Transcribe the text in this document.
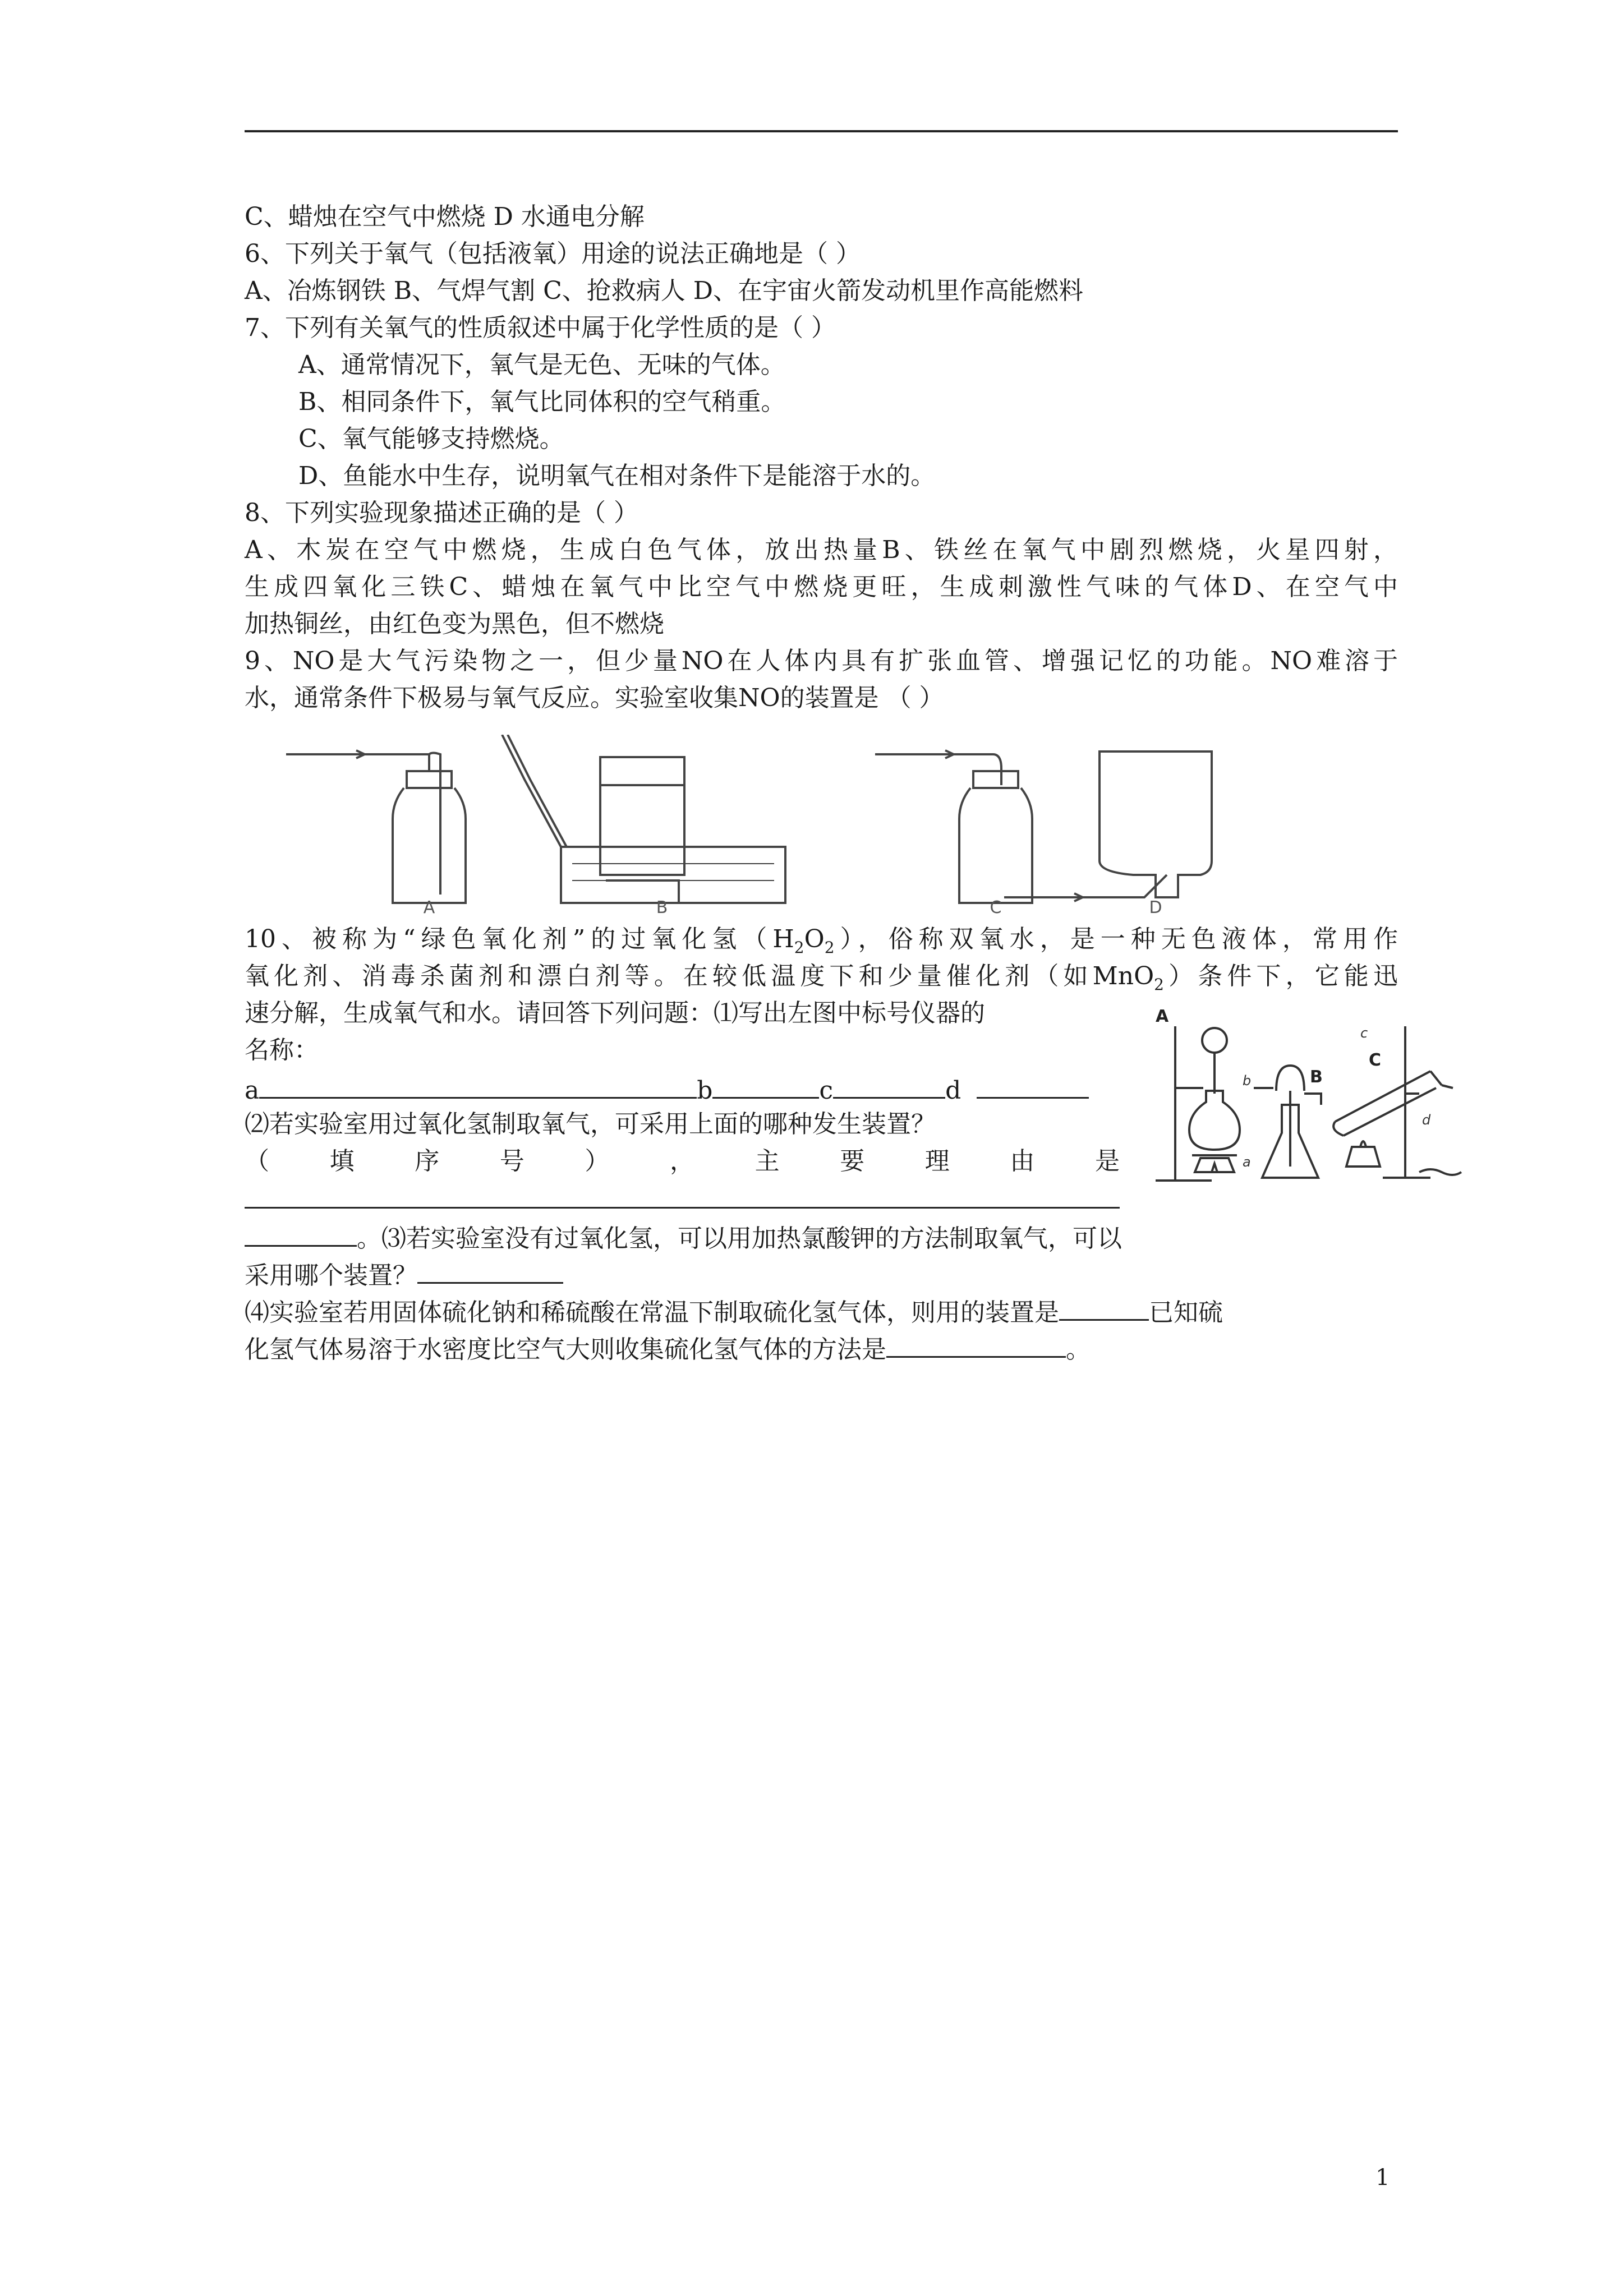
C、蜡烛在空气中燃烧 D 水通电分解
6、下列关于氧气（包括液氧）用途的说法正确地是（ ）
A、冶炼钢铁 B、气焊气割 C、抢救病人 D、在宇宙火箭发动机里作高能燃料
7、下列有关氧气的性质叙述中属于化学性质的是（ ）
A、通常情况下，氧气是无色、无味的气体。
B、相同条件下，氧气比同体积的空气稍重。
C、氧气能够支持燃烧。
D、鱼能水中生存，说明氧气在相对条件下是能溶于水的。
8、下列实验现象描述正确的是（ ）
A、木炭在空气中燃烧，生成白色气体，放出热量B、铁丝在氧气中剧烈燃烧，火星四射，
生成四氧化三铁C、蜡烛在氧气中比空气中燃烧更旺，生成刺激性气味的气体D、在空气中
加热铜丝，由红色变为黑色，但不燃烧
9、NO是大气污染物之一，但少量NO在人体内具有扩张血管、增强记忆的功能。NO难溶于
水，通常条件下极易与氧气反应。实验室收集NO的装置是 （ ）
A	B	C	D
10、被称为“绿色氧化剂”的过氧化氢$(H_2O_2)$，俗称双氧水，是一种无色液体，常用作
氧化剂、消毒杀菌剂和漂白剂等。在较低温度下和少量催化剂（如MnO$_2$）条件下，它能迅
速分解，生成氧气和水。请回答下列问题：⑴写出左图中标号仪器的
名称：
a	b	c	d
⑵若实验室用过氧化氢制取氧气，可采用上面的哪种发生装置？
（ 填 序 号 ） ， 主 要 理 由 是
。⑶若实验室没有过氧化氢，可以用加热氯酸钾的方法制取氧气，可以
采用哪个装置？
⑷实验室若用固体硫化钠和稀硫酸在常温下制取硫化氢气体，则用的装置是	已知硫
化氢气体易溶于水密度比空气大则收集硫化氢气体的方法是	。
A
B
C
a
b
c
d
1
